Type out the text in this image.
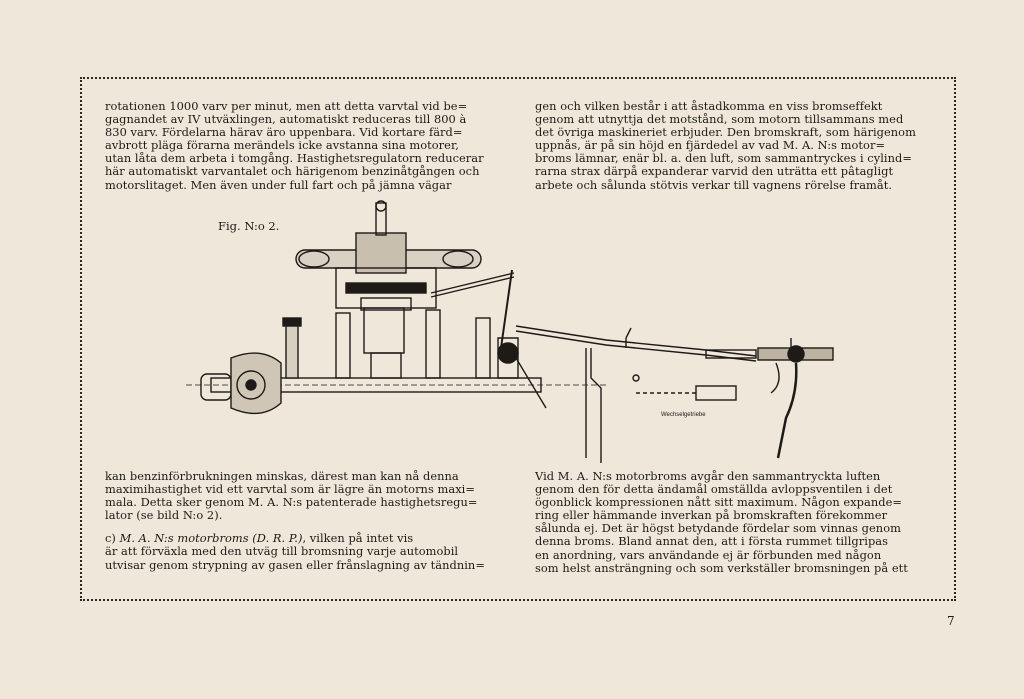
rotationen 1000 varv per minut, men att detta varvtal vid be=
gagnandet av IV utväxlingen, automatiskt reduceras till 800 à
830 varv. Fördelarna härav äro uppenbara. Vid kortare färd=
avbrott pläga förarna merändels icke avstanna sina motorer,
utan låta dem arbeta i tomgång. Hastighetsregulatorn reducerar
här automatiskt varvantalet och härigenom benzinåtgången och
motorslitaget. Men även under full fart och på jämna vägar

gen och vilken består i att åstadkomma en viss bromseffekt
genom att utnyttja det motstånd, som motorn tillsammans med
det övriga maskineriet erbjuder. Den bromskraft, som härigenom
uppnås, är på sin höjd en fjärdedel av vad M. A. N:s motor=
broms lämnar, enär bl. a. den luft, som sammantryckes i cylind=
rarna strax därpå expanderar varvid den uträtta ett pâtagligt
arbete och sålunda stötvis verkar till vagnens rörelse framåt.

Fig. N:o 2.
Wechselgetriebe

kan benzinförbrukningen minskas, därest man kan nå denna
maximihastighet vid ett varvtal som är lägre än motorns maxi=
mala. Detta sker genom M. A. N:s patenterade hastighetsregu=
lator (se bild N:o 2).

c) M. A. N:s motorbroms (D. R. P.), vilken på intet vis
är att förväxla med den utväg till bromsning varje automobil
utvisar genom strypning av gasen eller frånslagning av tändnin=

Vid M. A. N:s motorbroms avgår den sammantryckta luften
genom den för detta ändamål omställda avloppsventilen i det
ögonblick kompressionen nått sitt maximum. Någon expande=
ring eller hämmande inverkan på bromskraften förekommer
sålunda ej. Det är högst betydande fördelar som vinnas genom
denna broms. Bland annat den, att i första rummet tillgripas
en anordning, vars användande ej är förbunden med någon
som helst ansträngning och som verkställer bromsningen på ett

7
